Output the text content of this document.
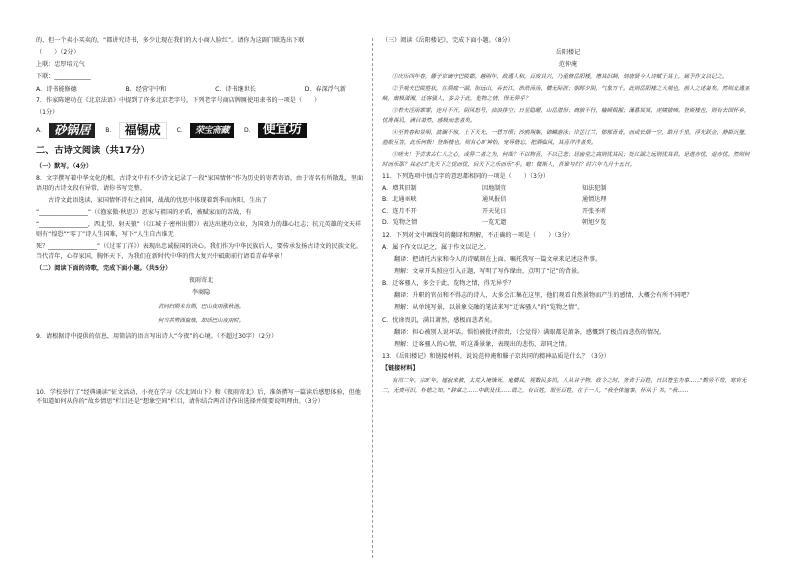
的，但一个卖小买卖的，“都讲究诗书，多少让现在我们的大小商人脸红”。请你为这副门联选出下联

（　　）（2分）

上联：忠厚培元气

下联：____________

A．诗书能修德	B．经营守中和	C．诗书继世长	D．春深浮气新

7．作家陈建功在《北京法语》中提到了许多北京老字号。下列老字号商店牌匾使用隶书的一项是（　　）

（1分）

A． 砂锅居	B． 福锡成	C． 荣宝斋藏	D． 便宜坊
二、古诗文阅读（共17分）

（一）默写。（4分）

8．文字撰写着中华文化的根，古诗文中有不少诗文记录了一段“家国情怀”作为历史的寄者寄语，由于寄名有所散乱，里面语用的古诗文段有异常，请你书写完整。

古诗文此语选读，家国情怀诗有之前国，战战的忧思中体现着到季而南阳，生出了

“________________”（《渔家傲·秋思》）思家与祖国的矛盾，被赋家而的苦战，有

“________________，西北望，射天狼”（《江城子·密州出猎》）表达出建功立业，为国效力的雄心壮志；抗元英雄的文天祥则有“惶恐”“零丁”诗人生国难，写下“人生自古谁无

死？________________”（《过零丁洋》）表现出忠诚报国的决心。我们作为中华民族后人，要传承发扬古诗文的民族文化，当代青年，心存家国，胸怀天下，为我们在新时代中华的伟大复兴中砥砺前行请看青春华章！

（二）阅读下面的诗歌，完成下面小题。（共5分）

夜雨寄北

李商隐

君问归期未有期，巴山夜雨涨秋池。

何当共剪西窗烛，却话巴山夜雨时。

9．请根据诗中提供的信息，用简洁的语言写出诗人“今夜”的心境。（不超过30字）（2分）

10．学校举行了“经典诵读”征文活动，小亮在学习《次北固山下》和《夜雨寄北》后，准备撰写一篇读后感想体验，但他不知道如何从你的“故乡情思”栏目还是“想象空间”栏目，请你结合两首诗作出选择并简要说明理由。（3分）

（三）阅读《岳阳楼记》，完成下面小题。（8分）

岳阳楼记

范仲淹

①庆历四年春，滕子京谪守巴陵郡。越明年，政通人和，百废具兴，乃重修岳阳楼，增其旧制，刻唐贤今人诗赋于其上，属予作文以记之。

②予观夫巴陵胜状，在洞庭一湖。衔远山，吞长江，浩浩汤汤，横无际涯；朝晖夕阴，气象万千。此则岳阳楼之大观也，前人之述备矣。然则北通巫峡，南极潇湘，迁客骚人，多会于此，览物之情，得无异乎？

③若夫淫雨霏霏，连月不开，阴风怒号，浊浪排空；日星隐曜，山岳潜形；商旅不行，樯倾楫摧；薄暮冥冥，虎啸猿啼。登斯楼也，则有去国怀乡，忧谗畏讥，满目萧然，感极而悲者矣。

④至若春和景明，波澜不惊，上下天光，一碧万顷；沙鸥翔集，锦鳞游泳；岸芷汀兰，郁郁青青。而或长烟一空，皓月千里，浮光跃金，静影沉璧，渔歌互答，此乐何极！登斯楼也，则有心旷神怡，宠辱偕忘，把酒临风，其喜洋洋者矣。

⑤嗟夫！予尝求古仁人之心，或异二者之为，何哉？不以物喜，不以己悲；居庙堂之高则忧其民；处江湖之远则忧其君。是进亦忧，退亦忧。然则何时而乐耶？其必曰“先天下之忧而忧，后天下之乐而乐”乎。噫！微斯人，吾谁与归？时六年九月十五日。

11．下列选项中加点字的意思都相同的一项是（　　）（3分）

A．增其旧制	因地制宜	知法犯制
B．北通巫峡	通风报信	通情达理
C．连月不开	开天见日	开张圣听
D．览物之情	一览无遗	朝旭夕览

12．下列对文中画线句的翻译和理解，不正确的一项是（　　）（3分）

A．属予作文以记之，属于作文以记之。

翻译：把请托古家和今人的诗赋刻在上面。嘱托我写一篇文章来记述这件事。

理解：文章开头照应引入正题，写明了写作缘由，点明了“记”的背景。

B．迁客骚人，多会于此，览物之情，得无异乎？

翻译：升职的官员和不得志的诗人，大多会汇集在这里，他们观看自然景物而产生的感情，大概会有所不同吧？

理解：从单纯写景，以景象交融的笔法来写“迁客骚人”的“览物之情”。

C．忧谗畏讥，满目萧然，感极而悲者矣。

翻译：担心被别人说坏话，惧怕被批评指责，（会觉得）满眼都是萧条，感慨到了极点而悲伤的情况。

理解：迁客骚人的心情，听这番景象，表现出的悲伤，却同之情。

13．《岳阳楼记》和链接材料，说说范仲淹和滕子京共同的精神品质是什么？（3分）

【链接材料】

有司二年，宗旷年。墟寂来被，太荒入境饿死，鬼横其，视数民多饥，人从谷子物，政令之时，务省于百姓，日以苍生为事……"勤劳不苟，寒官无二，无贵可旧，朴德之知。"辞章之……中欧及伐……谓之，有百姓，谓至百姓，在于一人，"我全体恤事，怀从于 书。"我……
